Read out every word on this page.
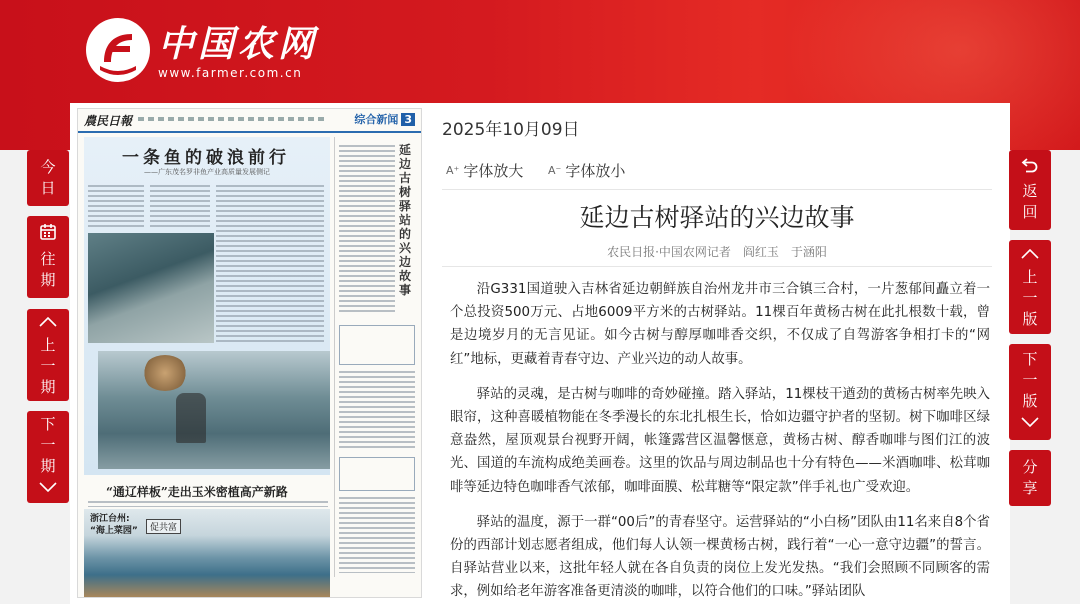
中国农网
www.farmer.com.cn
農民日報	综合新闻 3
一条鱼的破浪前行
——广东茂名罗非鱼产业高质量发展侧记
延边古树驿站的兴边故事
“通辽样板”走出玉米密植高产新路
浙江台州:
“海上菜园”	促共富
2025年10月09日
A⁺ 字体放大 A⁻ 字体放小
延边古树驿站的兴边故事
农民日报·中国农网记者　阎红玉　于涵阳

沿G331国道驶入吉林省延边朝鲜族自治州龙井市三合镇三合村，一片葱郁间矗立着一个总投资500万元、占地6009平方米的古树驿站。11棵百年黄杨古树在此扎根数十载，曾是边境岁月的无言见证。如今古树与醇厚咖啡香交织，不仅成了自驾游客争相打卡的“网红”地标，更藏着青春守边、产业兴边的动人故事。

驿站的灵魂，是古树与咖啡的奇妙碰撞。踏入驿站，11棵枝干遒劲的黄杨古树率先映入眼帘，这种喜暖植物能在冬季漫长的东北扎根生长，恰如边疆守护者的坚韧。树下咖啡区绿意盎然，屋顶观景台视野开阔，帐篷露营区温馨惬意，黄杨古树、醇香咖啡与图们江的波光、国道的车流构成绝美画卷。这里的饮品与周边制品也十分有特色——米酒咖啡、松茸咖啡等延边特色咖啡香气浓郁，咖啡面膜、松茸糖等“限定款”伴手礼也广受欢迎。

驿站的温度，源于一群“00后”的青春坚守。运营驿站的“小白杨”团队由11名来自8个省份的西部计划志愿者组成，他们每人认领一棵黄杨古树，践行着“一心一意守边疆”的誓言。自驿站营业以来，这批年轻人就在各自负责的岗位上发光发热。“我们会照顾不同顾客的需求，例如给老年游客准备更清淡的咖啡，以符合他们的口味。”驿站团队

今
日
往
期
上
一
期
下
一
期
返
回
上
一
版
下
一
版
分
享
